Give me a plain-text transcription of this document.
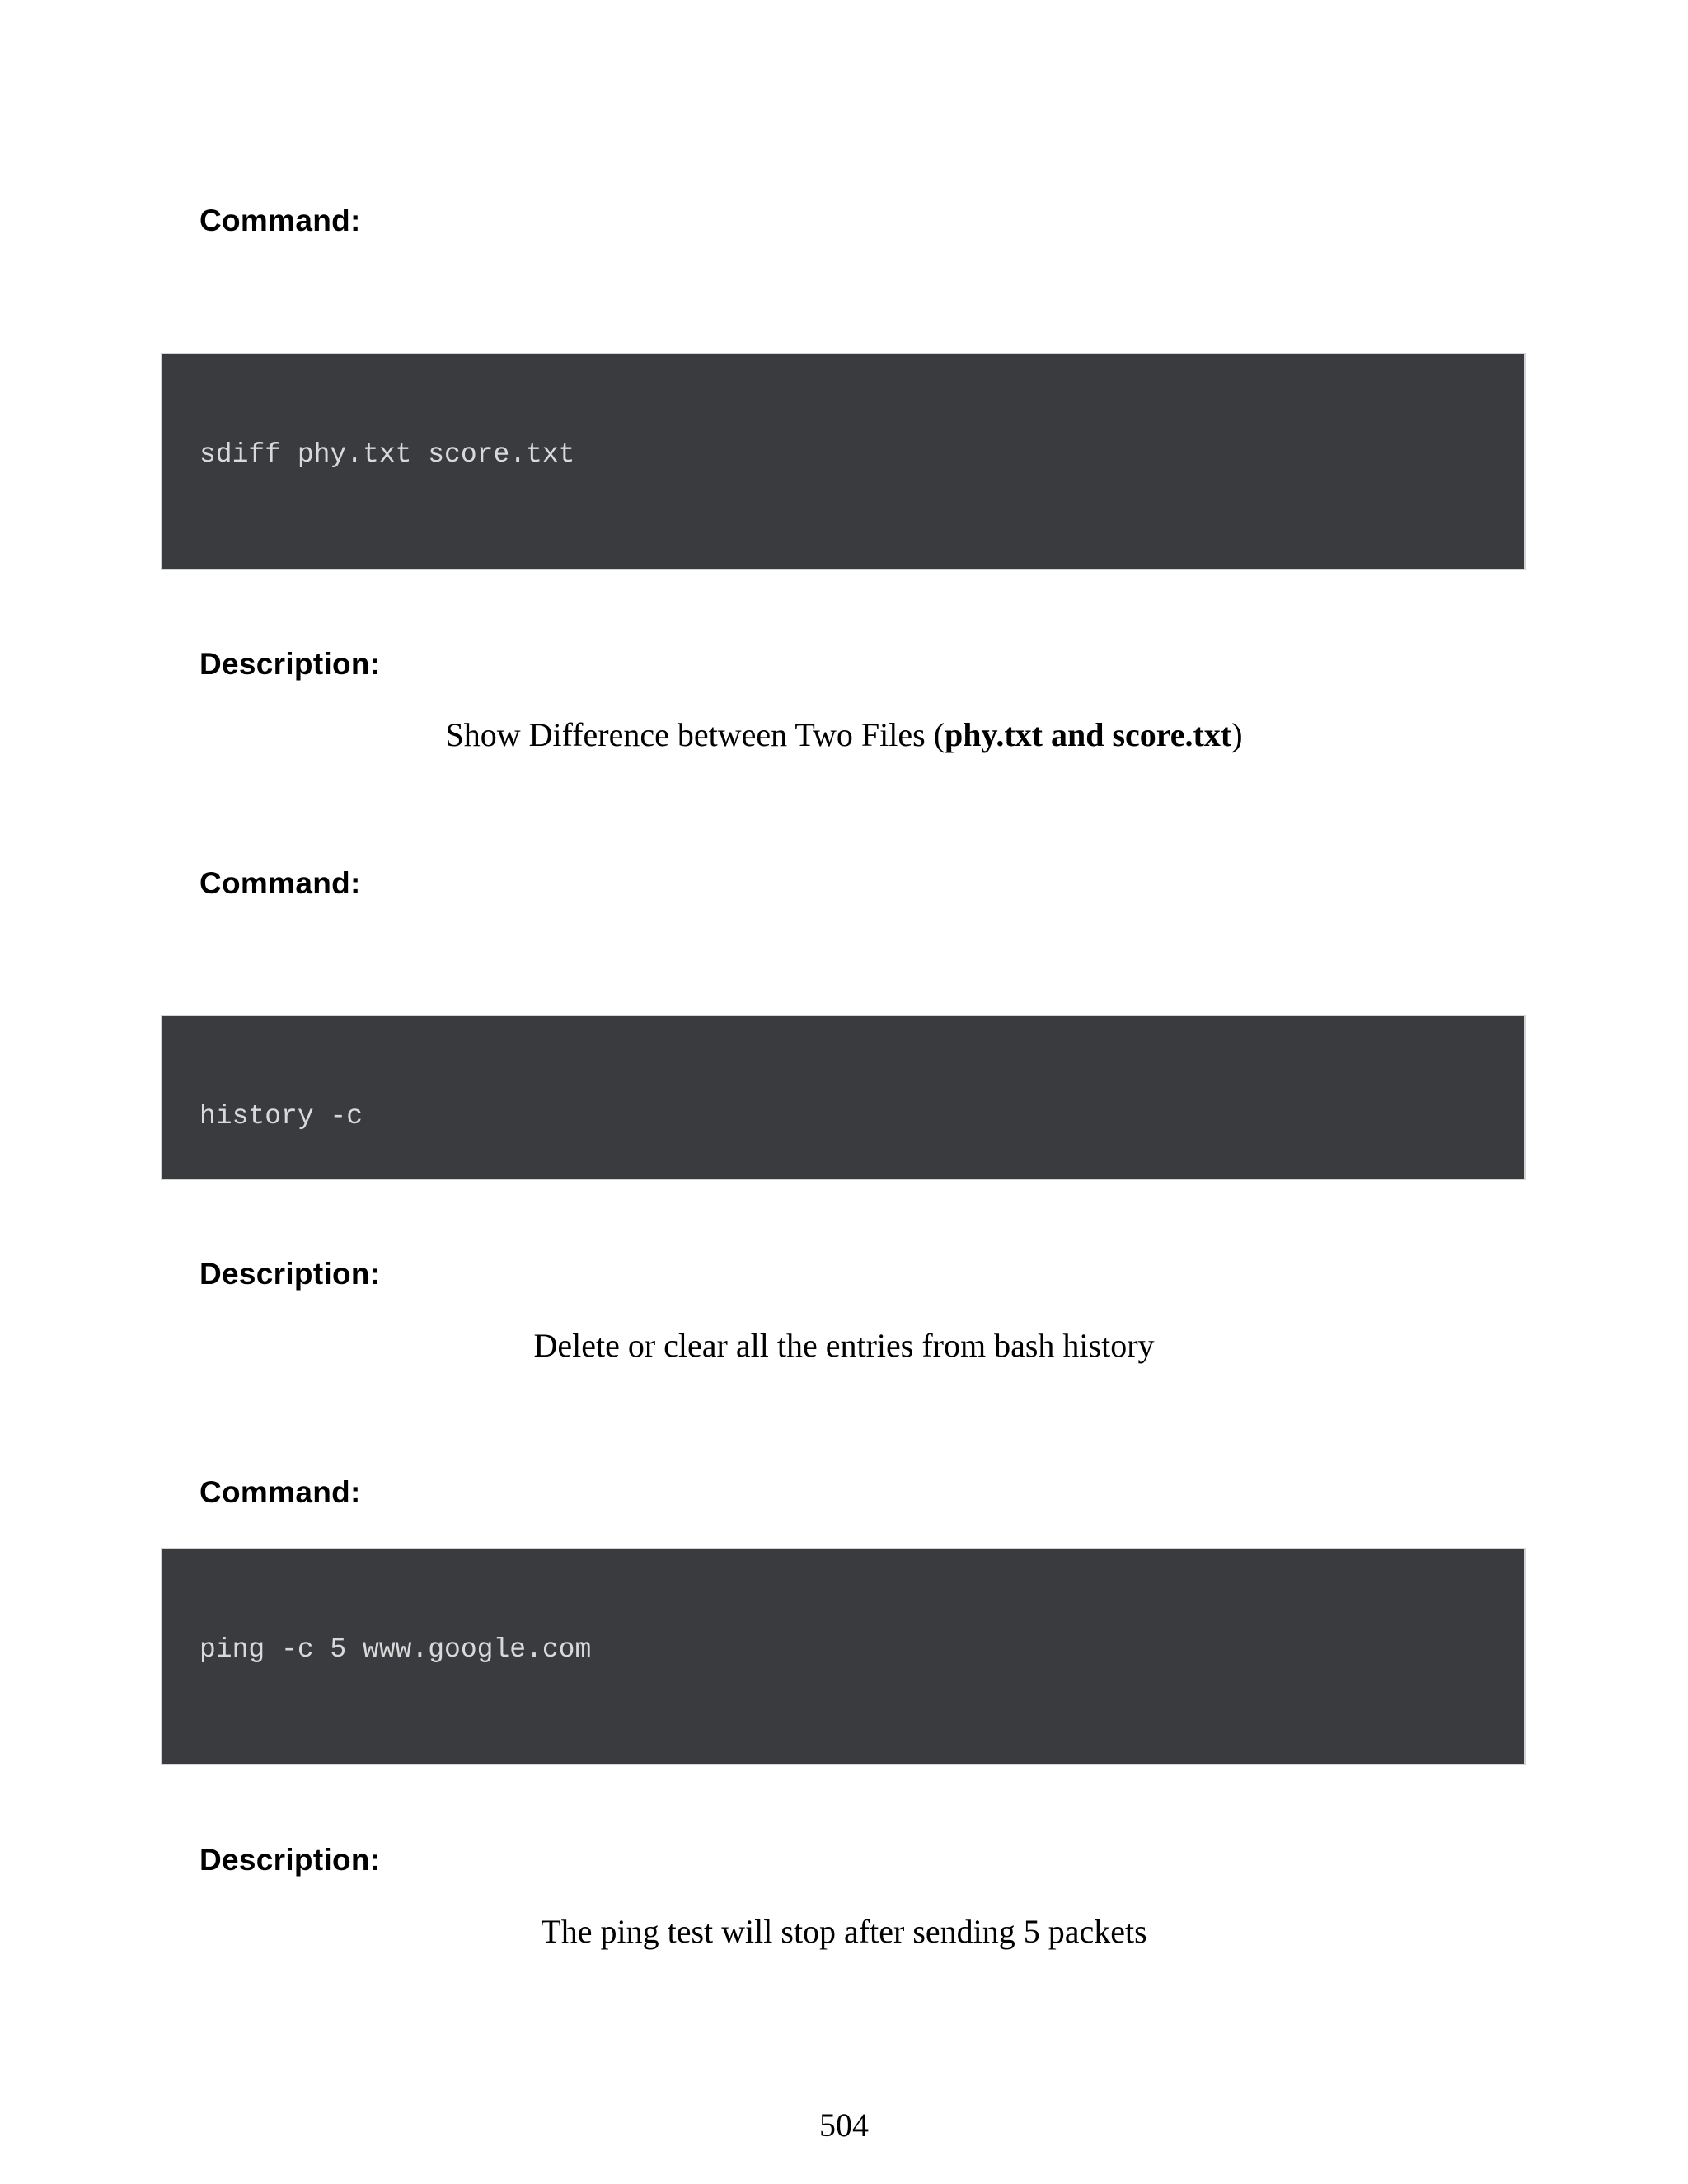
Command:
sdiff phy.txt score.txt
Description:

Show Difference between Two Files (phy.txt and score.txt)

Command:
history -c
Description:

Delete or clear all the entries from bash history

Command:
ping -c 5 www.google.com
Description:

The ping test will stop after sending 5 packets

504
